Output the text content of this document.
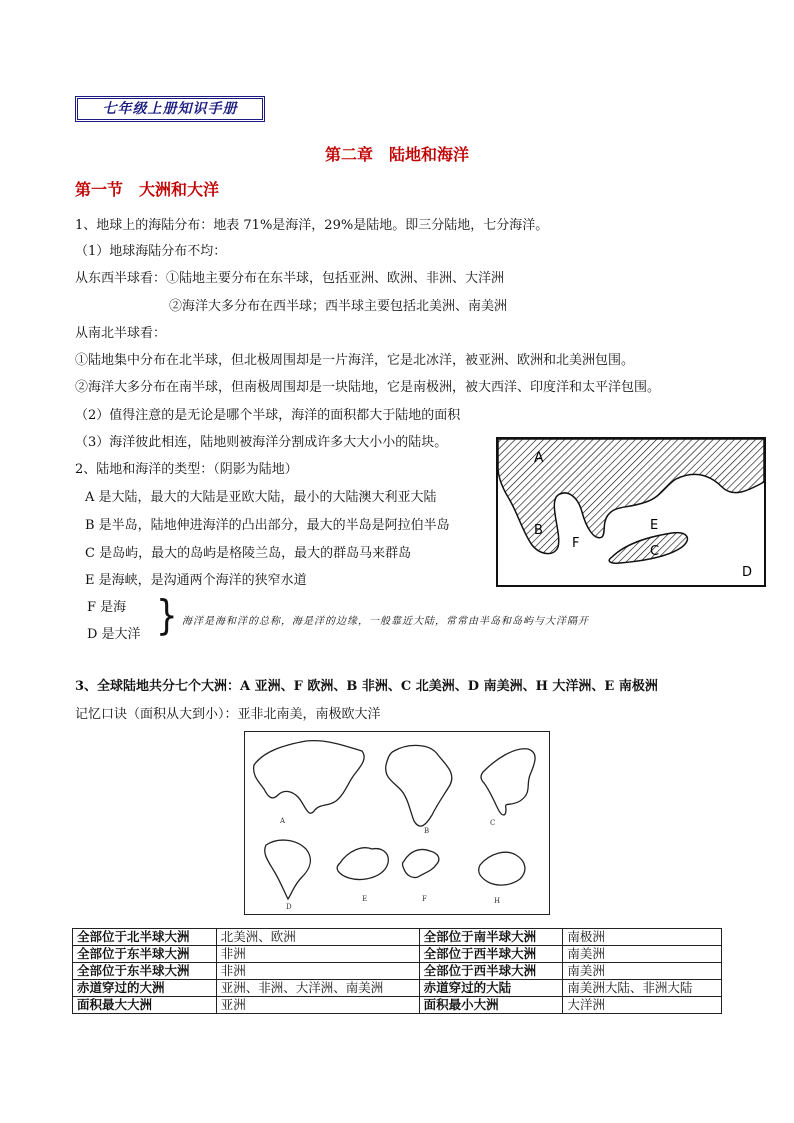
七年级上册知识手册
第二章　陆地和海洋
第一节　大洲和大洋
1、地球上的海陆分布：地表 71%是海洋，29%是陆地。即三分陆地，七分海洋。
（1）地球海陆分布不均：
从东西半球看：①陆地主要分布在东半球，包括亚洲、欧洲、非洲、大洋洲
②海洋大多分布在西半球；西半球主要包括北美洲、南美洲
从南北半球看：
①陆地集中分布在北半球，但北极周围却是一片海洋，它是北冰洋，被亚洲、欧洲和北美洲包围。
②海洋大多分布在南半球，但南极周围却是一块陆地，它是南极洲，被大西洋、印度洋和太平洋包围。
（2）值得注意的是无论是哪个半球，海洋的面积都大于陆地的面积
（3）海洋彼此相连，陆地则被海洋分割成许多大大小小的陆块。
2、陆地和海洋的类型：（阴影为陆地）
A 是大陆，最大的大陆是亚欧大陆，最小的大陆澳大利亚大陆
B 是半岛，陆地伸进海洋的凸出部分，最大的半岛是阿拉伯半岛
C 是岛屿，最大的岛屿是格陵兰岛，最大的群岛马来群岛
E 是海峡，是沟通两个海洋的狭窄水道
F 是海
D 是大洋 } 海洋是海和洋的总称，海是洋的边缘，一般靠近大陆，常常由半岛和岛屿与大洋隔开
A
B
C
D
E
F
3、全球陆地共分七个大洲：A 亚洲、F 欧洲、B 非洲、C 北美洲、D 南美洲、H 大洋洲、E 南极洲
记忆口诀（面积从大到小）：亚非北南美，南极欧大洋
A
B
C
D
E	F	H
全部位于北半球大洲	北美洲、欧洲	全部位于南半球大洲	南极洲
全部位于东半球大洲	非洲	全部位于西半球大洲	南美洲
全部位于东半球大洲	非洲	全部位于西半球大洲	南美洲
赤道穿过的大洲	亚洲、非洲、大洋洲、南美洲	赤道穿过的大陆	南美洲大陆、非洲大陆
面积最大大洲	亚洲	面积最小大洲	大洋洲
